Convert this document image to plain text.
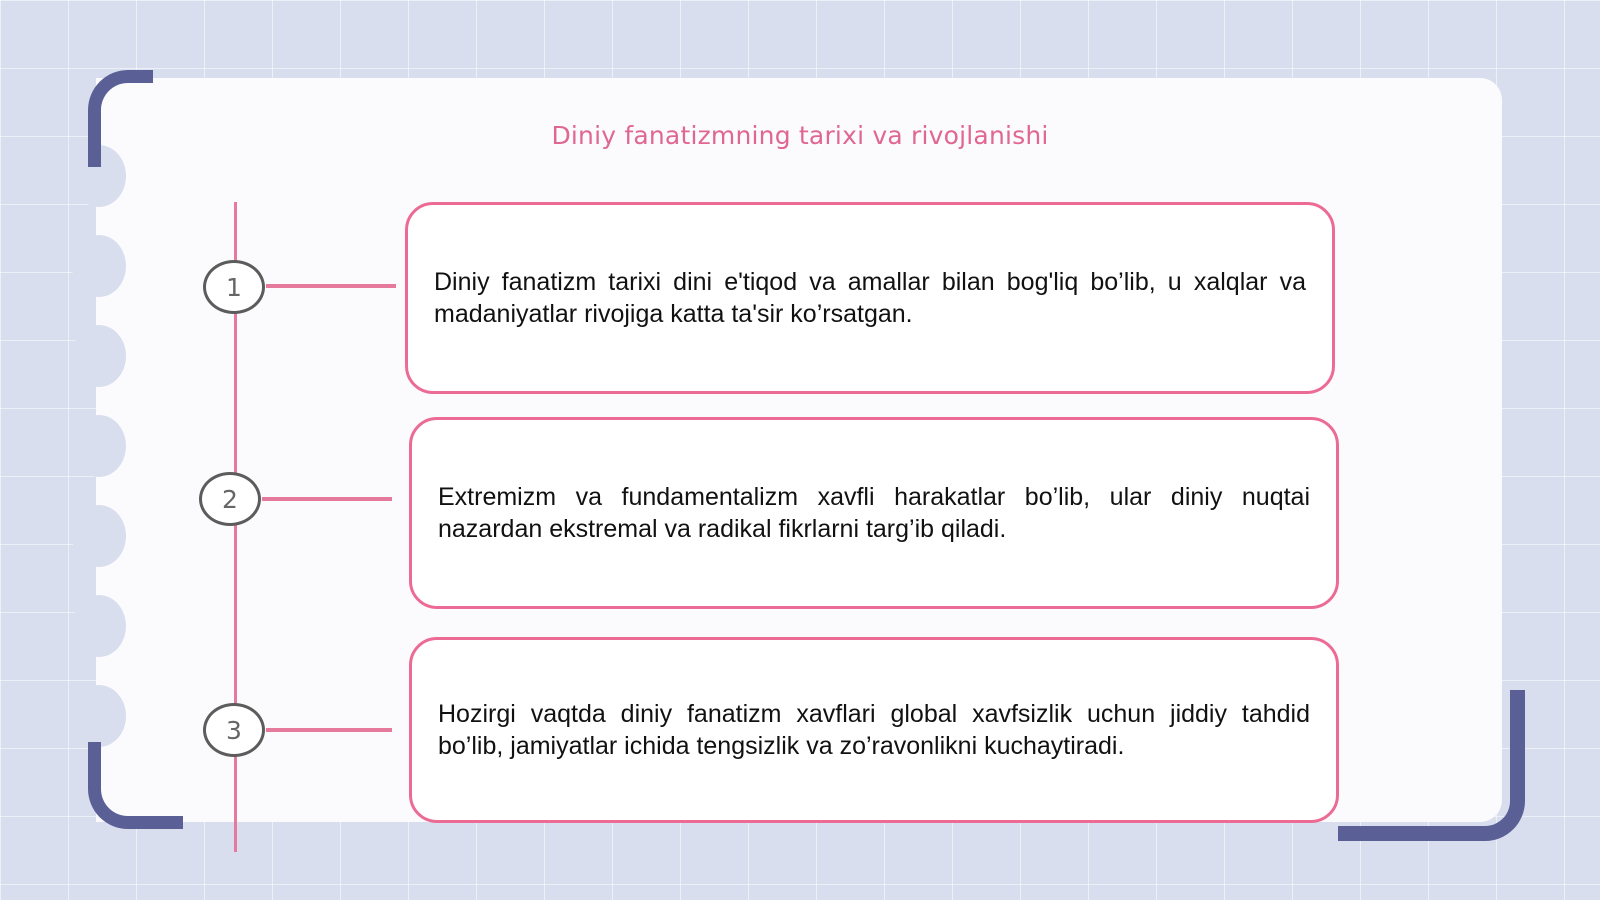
Diniy fanatizmning tarixi va rivojlanishi
1
2
3

Diniy fanatizm tarixi dini e'tiqod va amallar bilan bog'liq bo’lib, u xalqlar va madaniyatlar rivojiga katta ta'sir ko’rsatgan.

Extremizm va fundamentalizm xavfli harakatlar bo’lib, ular diniy nuqtai nazardan ekstremal va radikal fikrlarni targ’ib qiladi.

Hozirgi vaqtda diniy fanatizm xavflari global xavfsizlik uchun jiddiy tahdid bo’lib, jamiyatlar ichida tengsizlik va zo’ravonlikni kuchaytiradi.
